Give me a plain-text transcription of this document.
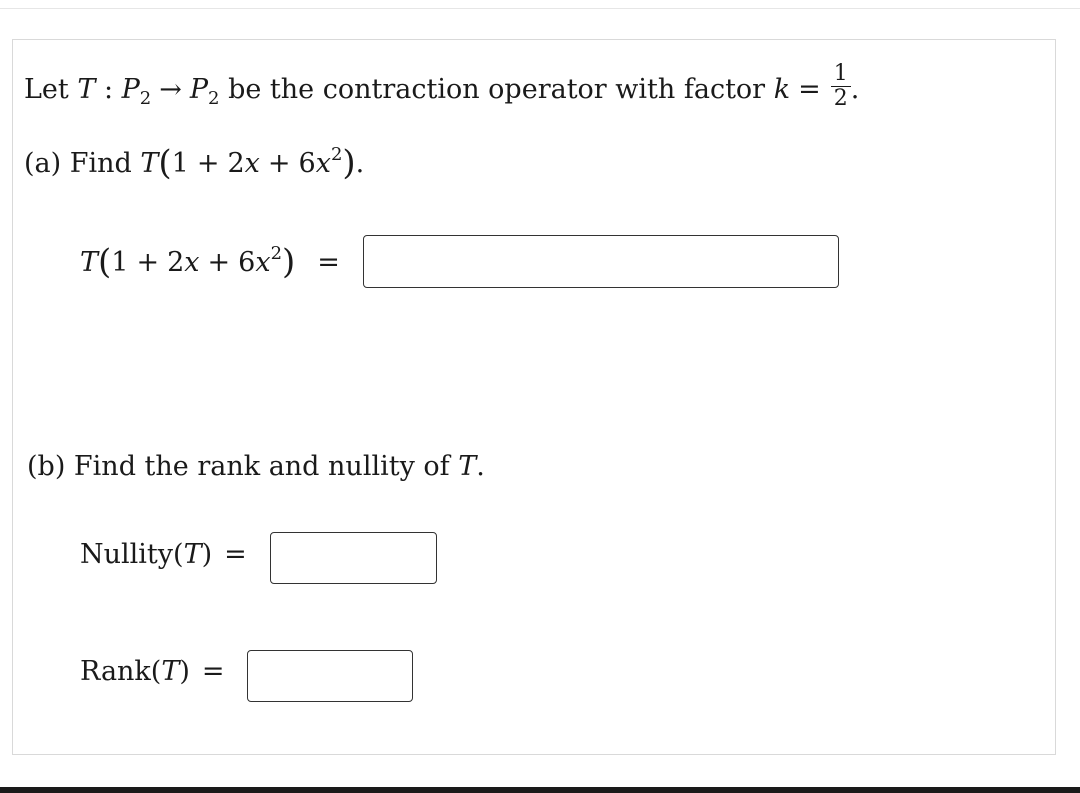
Let T : $P_2 \to P_2$ be the contraction operator with factor $k = \frac{1}{2}$ .
(a) Find $T(1 + 2x + 6x^2)$.
$T(1 + 2x + 6x^2)$ =
(b) Find the rank and nullity of T.
Nullity(T) =
Rank(T) =
